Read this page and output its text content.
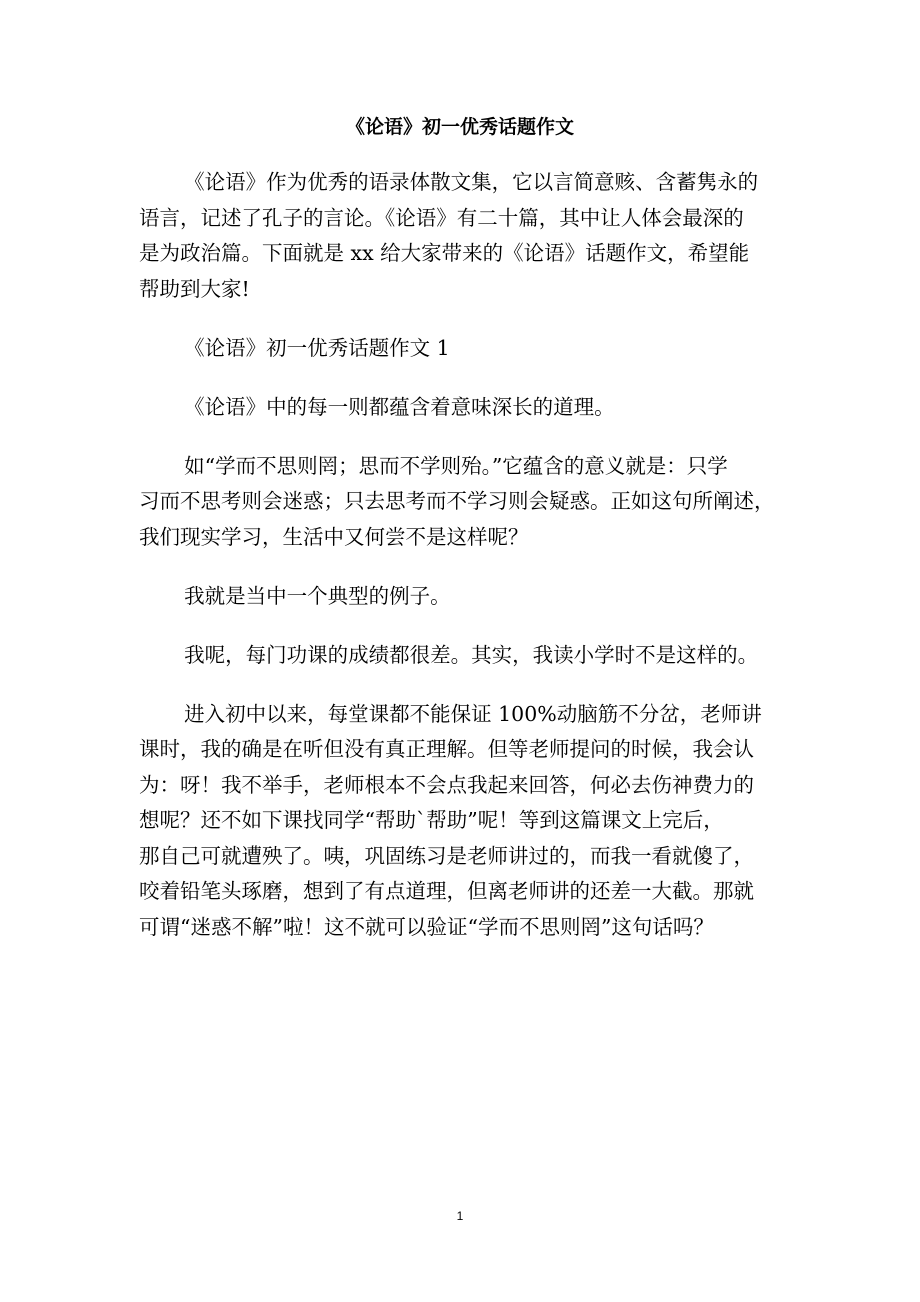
《论语》初一优秀话题作文
《论语》作为优秀的语录体散文集，它以言简意赅、含蓄隽永的
语言，记述了孔子的言论。《论语》有二十篇，其中让人体会最深的
是为政治篇。下面就是 xx 给大家带来的《论语》话题作文，希望能
帮助到大家!
《论语》初一优秀话题作文 1
《论语》中的每一则都蕴含着意味深长的道理。
如“学而不思则罔；思而不学则殆。”它蕴含的意义就是：只学
习而不思考则会迷惑；只去思考而不学习则会疑惑。正如这句所阐述，
我们现实学习，生活中又何尝不是这样呢？
我就是当中一个典型的例子。
我呢，每门功课的成绩都很差。其实，我读小学时不是这样的。
进入初中以来，每堂课都不能保证 100%动脑筋不分岔，老师讲
课时，我的确是在听但没有真正理解。但等老师提问的时候，我会认
为：呀！我不举手，老师根本不会点我起来回答，何必去伤神费力的
想呢？还不如下课找同学“帮助`帮助”呢！等到这篇课文上完后，
那自己可就遭殃了。咦，巩固练习是老师讲过的，而我一看就傻了，
咬着铅笔头琢磨，想到了有点道理，但离老师讲的还差一大截。那就
可谓“迷惑不解”啦！这不就可以验证“学而不思则罔”这句话吗？
1
